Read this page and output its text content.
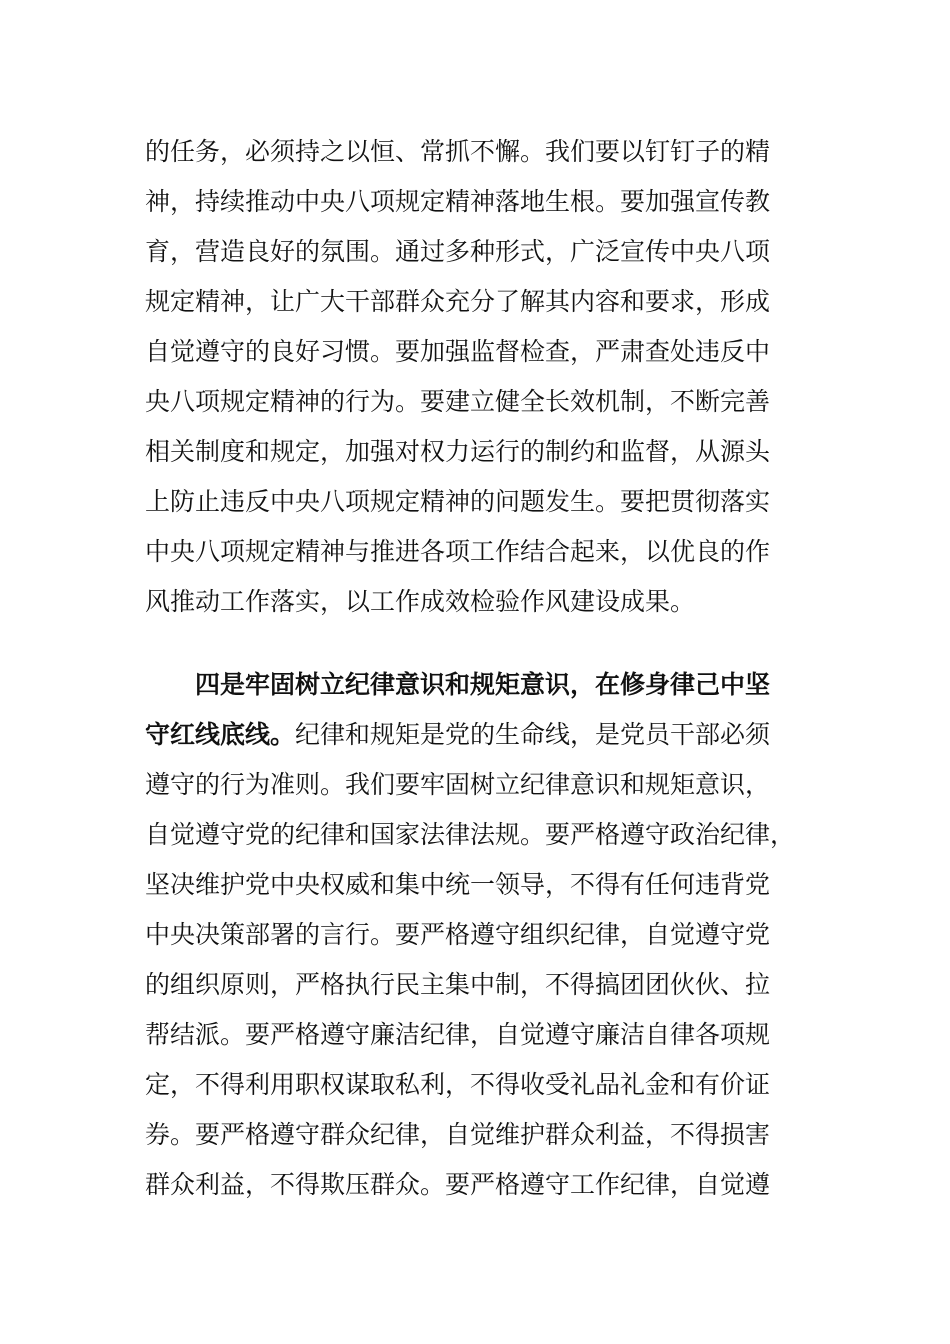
的任务，必须持之以恒、常抓不懈。我们要以钉钉子的精
神，持续推动中央八项规定精神落地生根。要加强宣传教
育，营造良好的氛围。通过多种形式，广泛宣传中央八项
规定精神，让广大干部群众充分了解其内容和要求，形成
自觉遵守的良好习惯。要加强监督检查，严肃查处违反中
央八项规定精神的行为。要建立健全长效机制，不断完善
相关制度和规定，加强对权力运行的制约和监督，从源头
上防止违反中央八项规定精神的问题发生。要把贯彻落实
中央八项规定精神与推进各项工作结合起来，以优良的作
风推动工作落实，以工作成效检验作风建设成果。
四是牢固树立纪律意识和规矩意识，在修身律己中坚
守红线底线。纪律和规矩是党的生命线，是党员干部必须
遵守的行为准则。我们要牢固树立纪律意识和规矩意识，
自觉遵守党的纪律和国家法律法规。要严格遵守政治纪律，
坚决维护党中央权威和集中统一领导，不得有任何违背党
中央决策部署的言行。要严格遵守组织纪律，自觉遵守党
的组织原则，严格执行民主集中制，不得搞团团伙伙、拉
帮结派。要严格遵守廉洁纪律，自觉遵守廉洁自律各项规
定，不得利用职权谋取私利，不得收受礼品礼金和有价证
券。要严格遵守群众纪律，自觉维护群众利益，不得损害
群众利益，不得欺压群众。要严格遵守工作纪律，自觉遵
